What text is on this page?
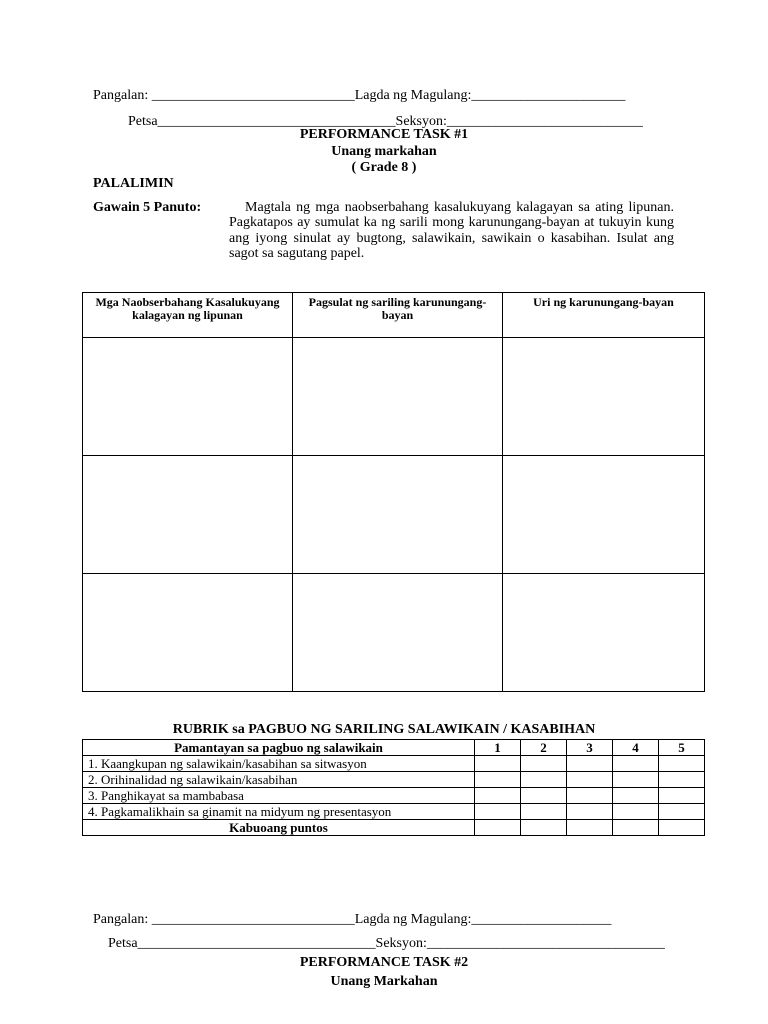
Pangalan: _____________________________Lagda ng Magulang:______________________
Petsa__________________________________Seksyon:____________________________
PERFORMANCE TASK #1
Unang markahan
( Grade 8 )
PALALIMIN
Gawain 5 Panuto:	Magtala ng mga naobserbahang kasalukuyang kalagayan sa ating lipunan.
Pagkatapos ay sumulat ka ng sarili mong karunungang-bayan at tukuyin kung
ang iyong sinulat ay bugtong, salawikain, sawikain o kasabihan. Isulat ang
sagot sa sagutang papel.
Mga Naobserbahang Kasalukuyang kalagayan ng lipunan	Pagsulat ng sariling karunungang-bayan	Uri ng karunungang-bayan

RUBRIK sa PAGBUO NG SARILING SALAWIKAIN / KASABIHAN
Pamantayan sa pagbuo ng salawikain	1	2	3	4	5
1. Kaangkupan ng salawikain/kasabihan sa sitwasyon					
2. Orihinalidad ng salawikain/kasabihan					
3. Panghikayat sa mambabasa					
4. Pagkamalikhain sa ginamit na midyum ng presentasyon					
Kabuoang puntos					
Pangalan: _____________________________Lagda ng Magulang:____________________
Petsa__________________________________Seksyon:__________________________________
PERFORMANCE TASK #2
Unang Markahan
